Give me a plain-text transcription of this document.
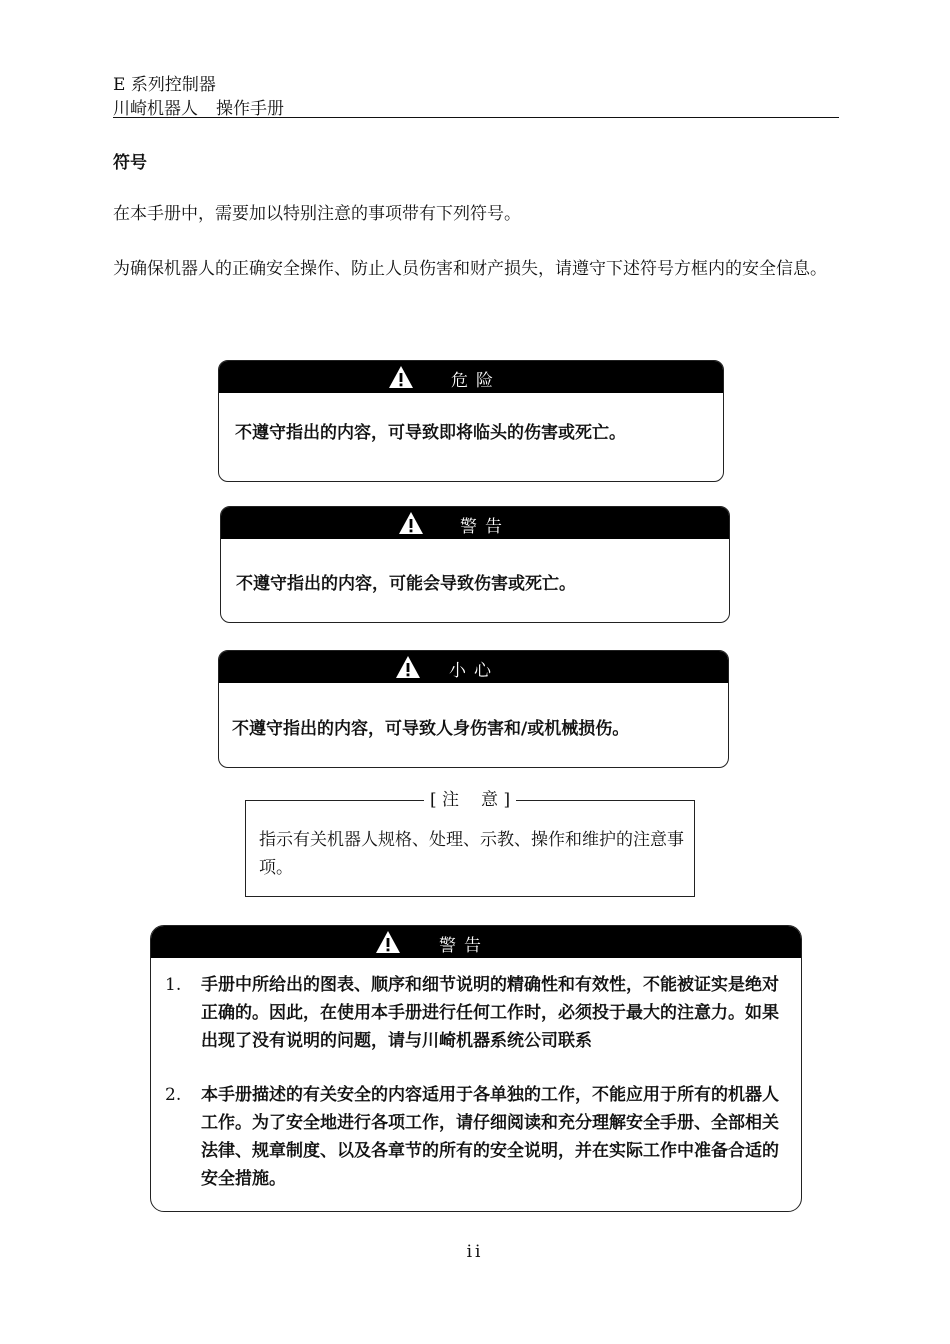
E 系列控制器
川崎机器人 操作手册
符号
在本手册中，需要加以特别注意的事项带有下列符号。
为确保机器人的正确安全操作、防止人员伤害和财产损失，请遵守下述符号方框内的安全信息。
危险
不遵守指出的内容，可导致即将临头的伤害或死亡。
警告
不遵守指出的内容，可能会导致伤害或死亡。
小心
不遵守指出的内容，可导致人身伤害和/或机械损伤。
[ 注 意 ]
指示有关机器人规格、处理、示教、操作和维护的注意事项。
警告
1. 手册中所给出的图表、顺序和细节说明的精确性和有效性，不能被证实是绝对正确的。因此，在使用本手册进行任何工作时，必须投于最大的注意力。如果出现了没有说明的问题，请与川崎机器系统公司联系
2. 本手册描述的有关安全的内容适用于各单独的工作，不能应用于所有的机器人工作。为了安全地进行各项工作，请仔细阅读和充分理解安全手册、全部相关法律、规章制度、以及各章节的所有的安全说明，并在实际工作中准备合适的安全措施。
ii
